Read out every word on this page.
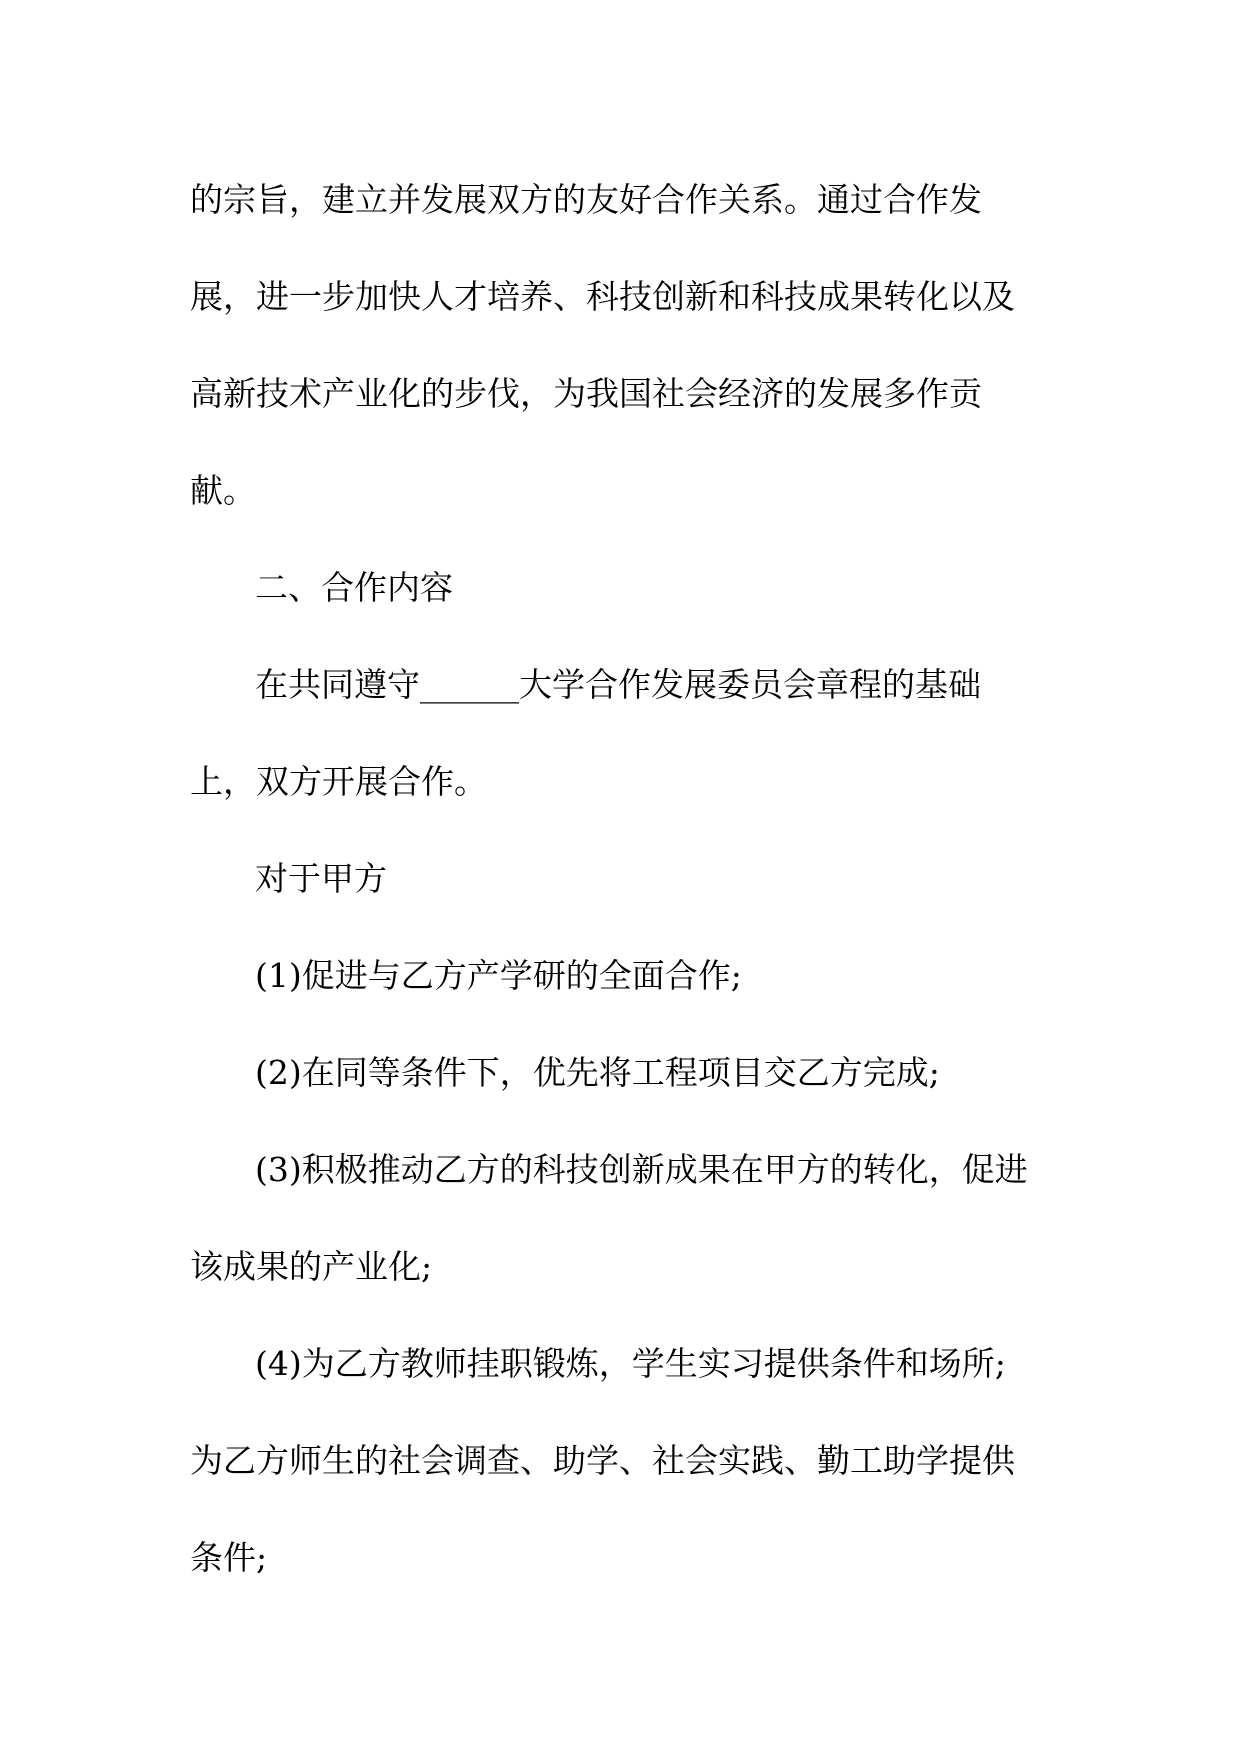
的宗旨，建立并发展双方的友好合作关系。通过合作发
展，进一步加快人才培养、科技创新和科技成果转化以及
高新技术产业化的步伐，为我国社会经济的发展多作贡
献。
二、合作内容
在共同遵守______大学合作发展委员会章程的基础
上，双方开展合作。
对于甲方
(1)促进与乙方产学研的全面合作;
(2)在同等条件下，优先将工程项目交乙方完成;
(3)积极推动乙方的科技创新成果在甲方的转化，促进
该成果的产业化;
(4)为乙方教师挂职锻炼，学生实习提供条件和场所;
为乙方师生的社会调查、助学、社会实践、勤工助学提供
条件;
